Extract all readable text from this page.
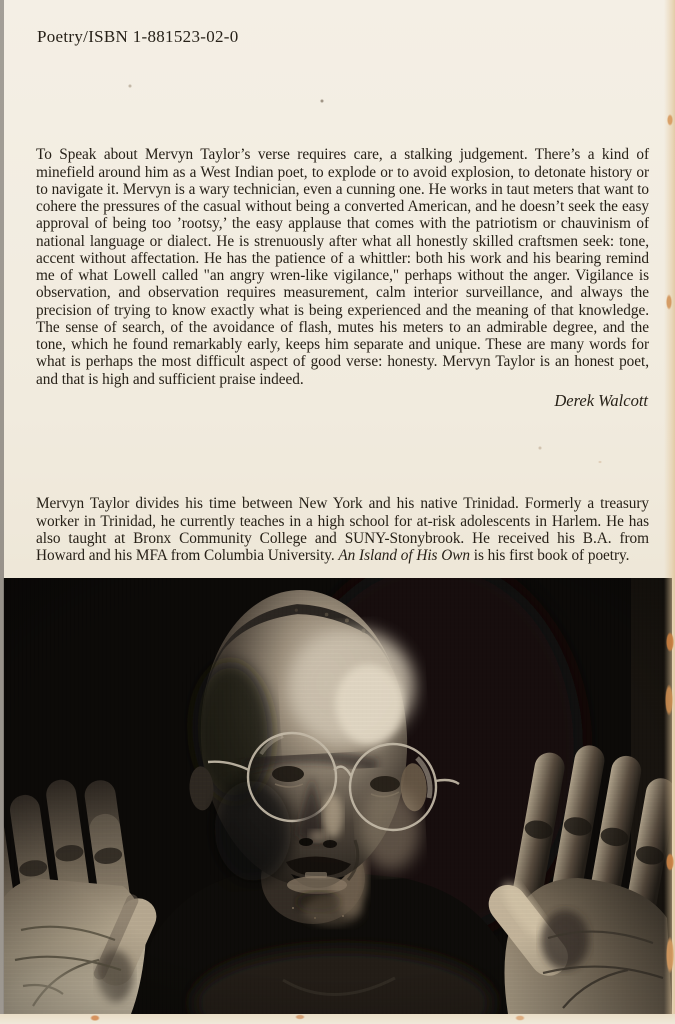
Poetry/ISBN 1-881523-02-0

To Speak about Mervyn Taylor’s verse requires care, a stalking judgement. There’s a kind of minefield around him as a West Indian poet, to explode or to avoid explosion, to detonate history or to navigate it. Mervyn is a wary technician, even a cunning one. He works in taut meters that want to cohere the pressures of the casual without being a converted American, and he doesn’t seek the easy approval of being too ’rootsy,’ the easy applause that comes with the patriotism or chauvinism of national language or dialect. He is strenuously after what all honestly skilled craftsmen seek: tone, accent without affectation. He has the patience of a whittler: both his work and his bearing remind me of what Lowell called "an angry wren-like vigilance," perhaps without the anger. Vigilance is observation, and observation requires measurement, calm interior surveillance, and always the precision of trying to know exactly what is being experienced and the meaning of that knowledge. The sense of search, of the avoidance of flash, mutes his meters to an admirable degree, and the tone, which he found remarkably early, keeps him separate and unique. These are many words for what is perhaps the most difficult aspect of good verse: honesty. Mervyn Taylor is an honest poet, and that is high and sufficient praise indeed.

Derek Walcott

Mervyn Taylor divides his time between New York and his native Trinidad. Formerly a treasury worker in Trinidad, he currently teaches in a high school for at-risk adolescents in Harlem. He has also taught at Bronx Community College and SUNY-Stonybrook. He received his B.A. from Howard and his MFA from Columbia University. An Island of His Own is his first book of poetry.
